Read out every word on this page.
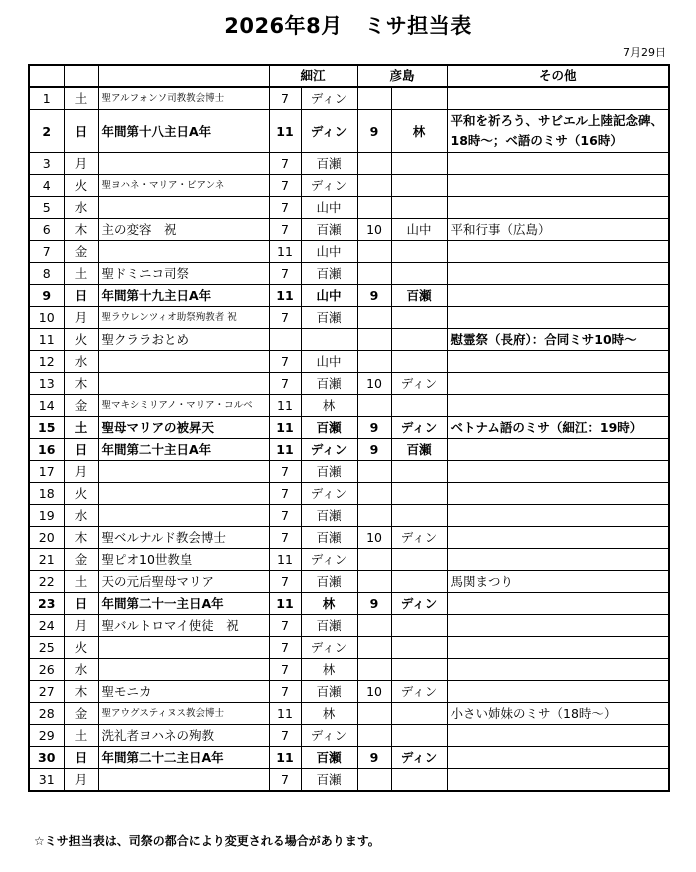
2026年8月　ミサ担当表
7月29日
			細江		彦島		その他
1	土	聖アルフォンソ司教教会博士	7	ディン			
2	日	年間第十八主日A年	11	ディン	9	林	平和を祈ろう、サビエル上陸記念碑、18時～；ベ語のミサ（16時）
3	月		7	百瀬			
4	火	聖ヨハネ・マリア・ビアンネ	7	ディン			
5	水		7	山中			
6	木	主の変容　祝	7	百瀬	10	山中	平和行事（広島）
7	金		11	山中			
8	土	聖ドミニコ司祭	7	百瀬			
9	日	年間第十九主日A年	11	山中	9	百瀬	
10	月	聖ラウレンツィオ助祭殉教者 祝	7	百瀬			
11	火	聖クララおとめ					慰霊祭（長府）：合同ミサ10時～
12	水		7	山中			
13	木		7	百瀬	10	ディン	
14	金	聖マキシミリアノ・マリア・コルベ	11	林			
15	土	聖母マリアの被昇天	11	百瀬	9	ディン	ベトナム語のミサ（細江：19時）
16	日	年間第二十主日A年	11	ディン	9	百瀬	
17	月		7	百瀬			
18	火		7	ディン			
19	水		7	百瀬			
20	木	聖ベルナルド教会博士	7	百瀬	10	ディン	
21	金	聖ピオ10世教皇	11	ディン			
22	土	天の元后聖母マリア	7	百瀬			馬関まつり
23	日	年間第二十一主日A年	11	林	9	ディン	
24	月	聖バルトロマイ使徒　祝	7	百瀬			
25	火		7	ディン			
26	水		7	林			
27	木	聖モニカ	7	百瀬	10	ディン	
28	金	聖アウグスティヌス教会博士	11	林			小さい姉妹のミサ（18時～）
29	土	洗礼者ヨハネの殉教	7	ディン			
30	日	年間第二十二主日A年	11	百瀬	9	ディン	
31	月		7	百瀬			
☆ミサ担当表は、司祭の都合により変更される場合があります。
